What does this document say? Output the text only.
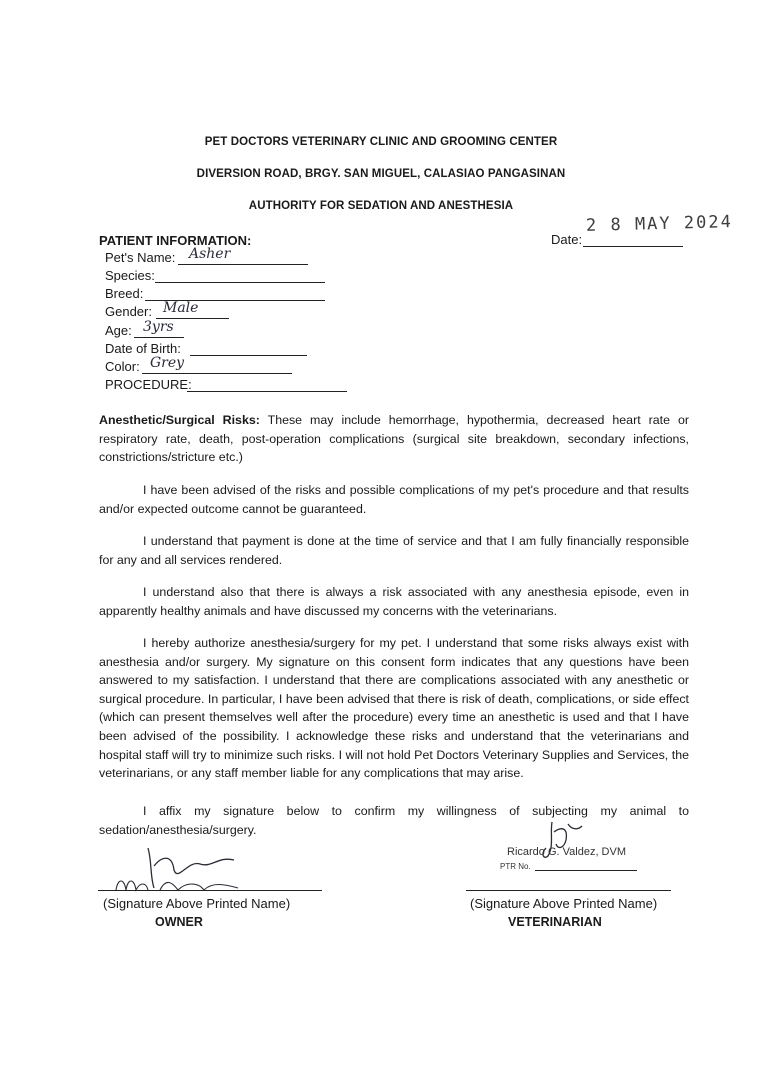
PET DOCTORS VETERINARY CLINIC AND GROOMING CENTER
DIVERSION ROAD, BRGY. SAN MIGUEL, CALASIAO PANGASINAN
AUTHORITY FOR SEDATION AND ANESTHESIA
2 8 MAY 2024
Date:
PATIENT INFORMATION:
Pet's Name: Asher
Species:
Breed:
Gender: Male
Age: 3yrs
Date of Birth:
Color: Grey
PROCEDURE:
Anesthetic/Surgical Risks: These may include hemorrhage, hypothermia, decreased heart rate or respiratory rate, death, post-operation complications (surgical site breakdown, secondary infections, constrictions/stricture etc.)
I have been advised of the risks and possible complications of my pet's procedure and that results and/or expected outcome cannot be guaranteed.
I understand that payment is done at the time of service and that I am fully financially responsible for any and all services rendered.
I understand also that there is always a risk associated with any anesthesia episode, even in apparently healthy animals and have discussed my concerns with the veterinarians.
I hereby authorize anesthesia/surgery for my pet. I understand that some risks always exist with anesthesia and/or surgery. My signature on this consent form indicates that any questions have been answered to my satisfaction. I understand that there are complications associated with any anesthetic or surgical procedure. In particular, I have been advised that there is risk of death, complications, or side effect (which can present themselves well after the procedure) every time an anesthetic is used and that I have been advised of the possibility. I acknowledge these risks and understand that the veterinarians and hospital staff will try to minimize such risks. I will not hold Pet Doctors Veterinary Supplies and Services, the veterinarians, or any staff member liable for any complications that may arise.
I affix my signature below to confirm my willingness of subjecting my animal to sedation/anesthesia/surgery.
(Signature Above Printed Name)
OWNER
Ricardo G. Valdez, DVM
PTR No.
(Signature Above Printed Name)
VETERINARIAN
